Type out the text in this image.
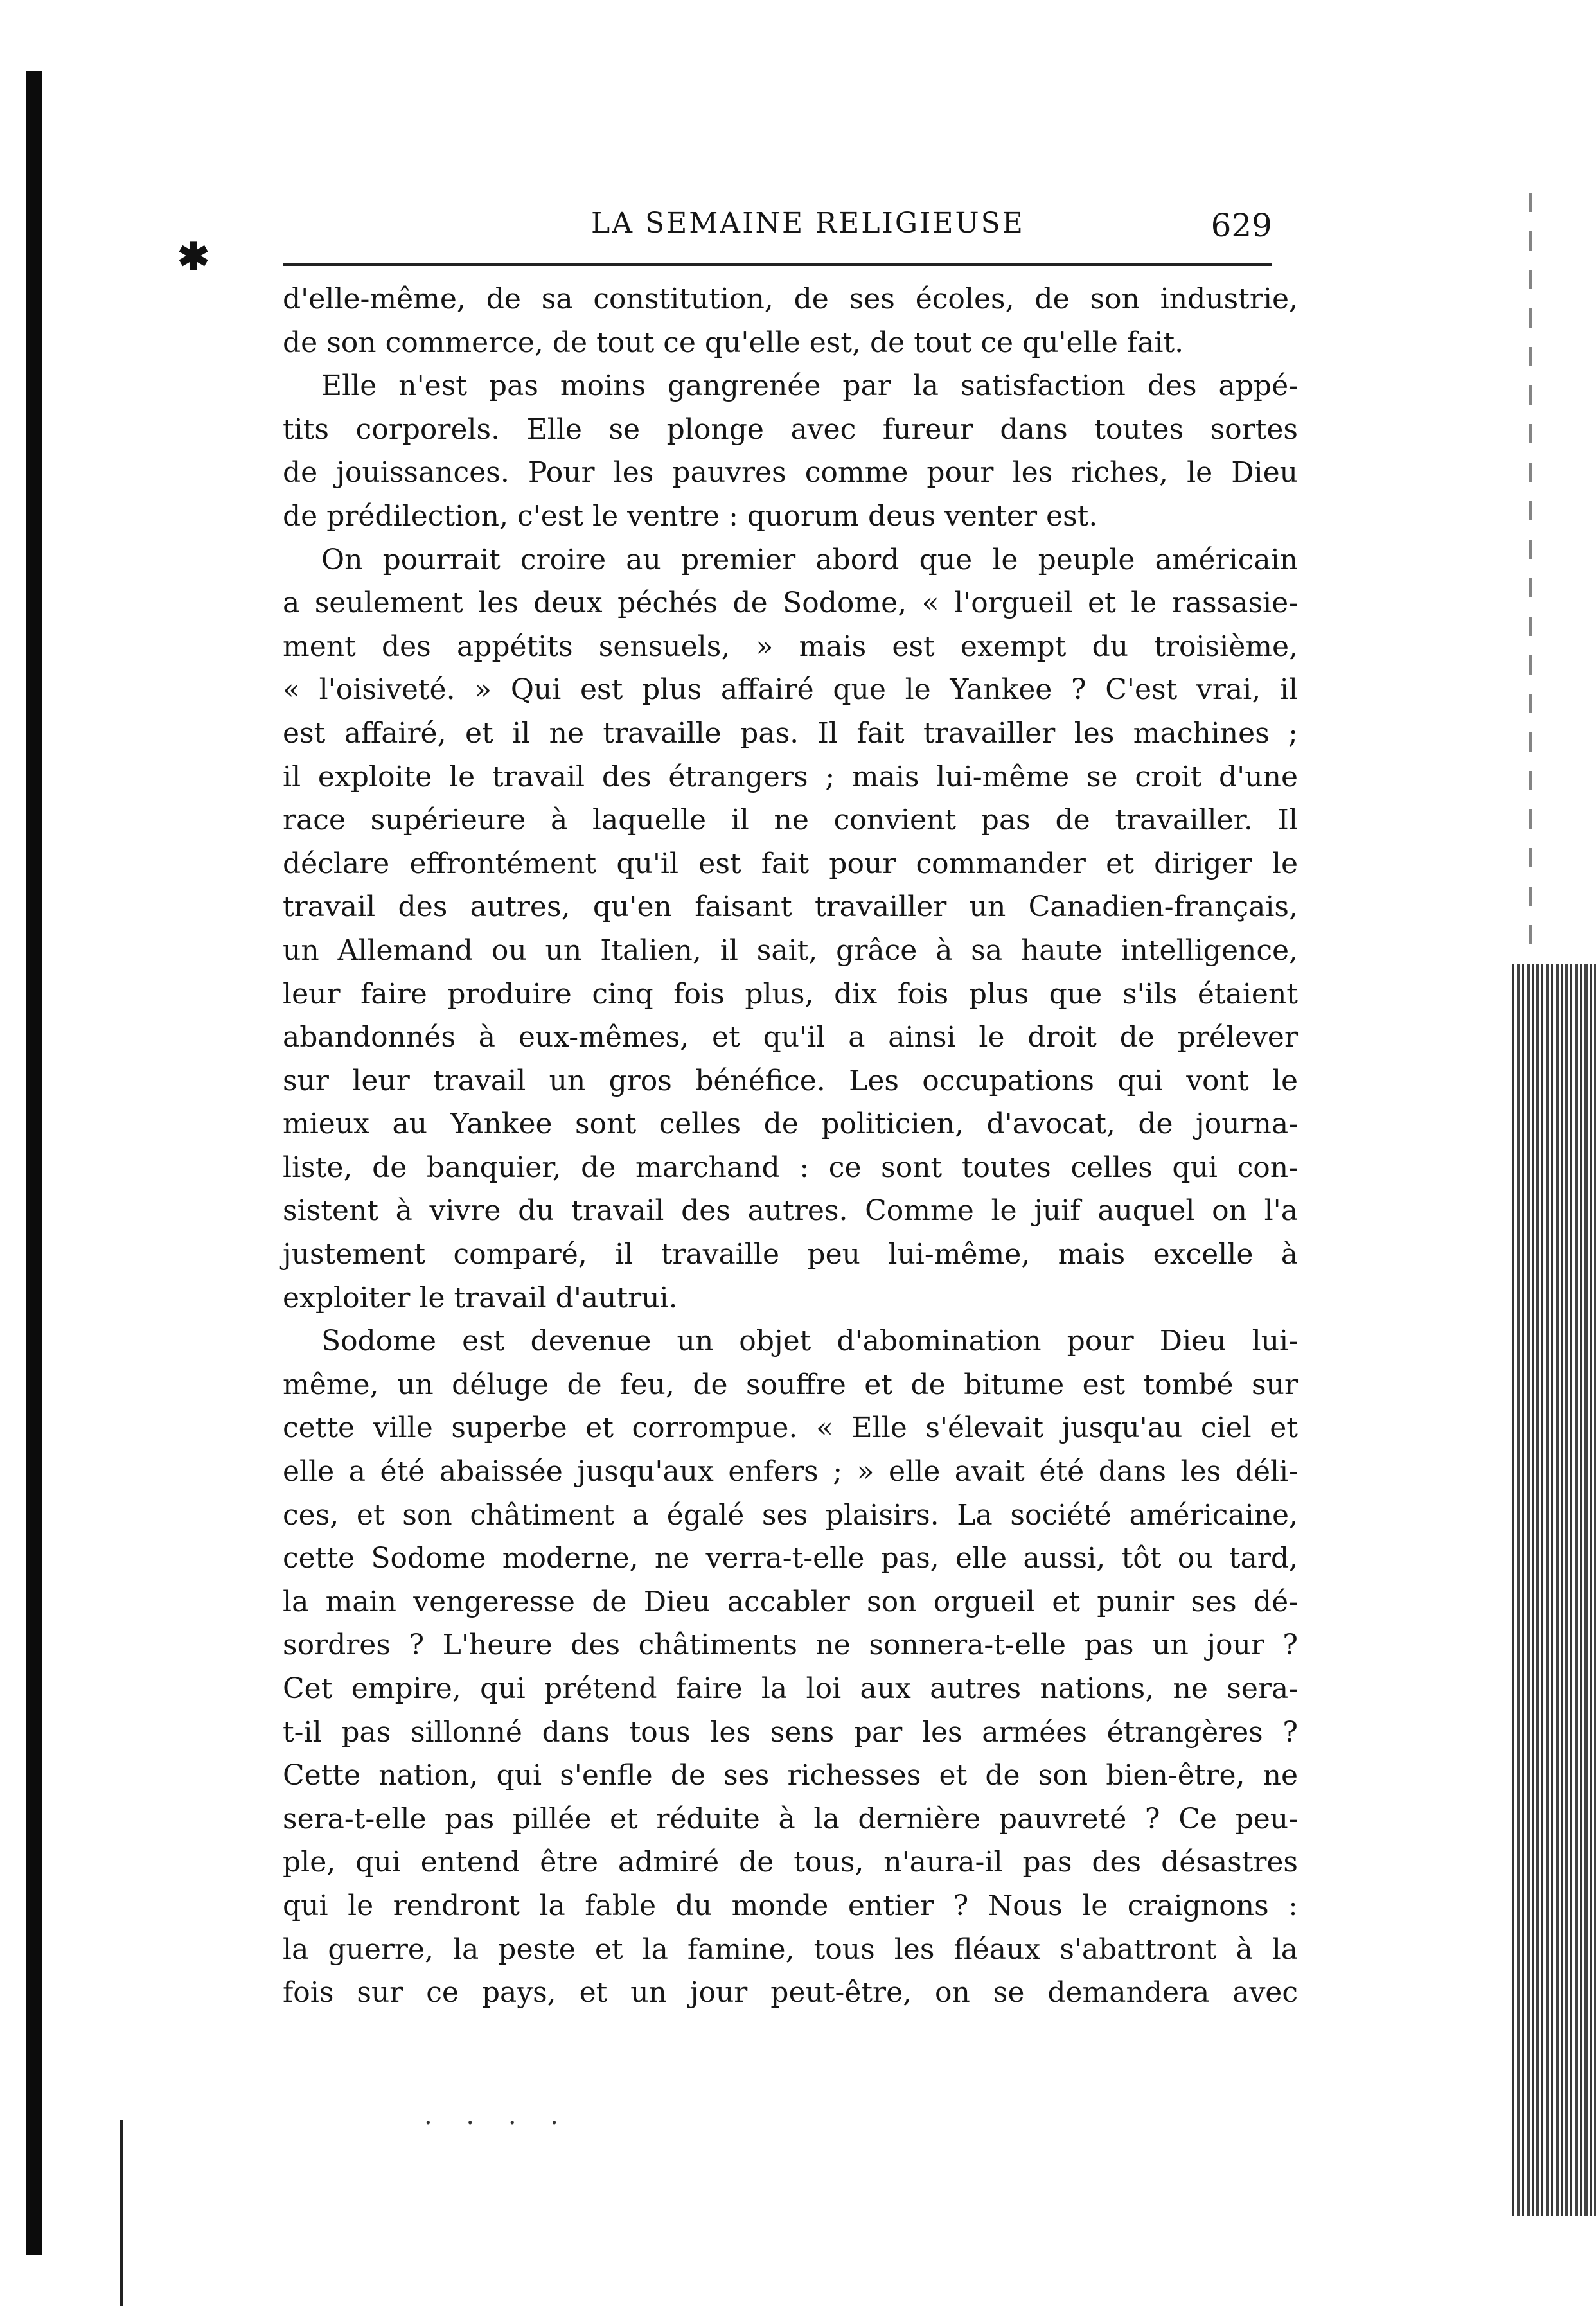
✱
LA SEMAINE RELIGIEUSE	629
d'elle-même, de sa constitution, de ses écoles, de son industrie,
de son commerce, de tout ce qu'elle est, de tout ce qu'elle fait.
Elle n'est pas moins gangrenée par la satisfaction des appé-
tits corporels. Elle se plonge avec fureur dans toutes sortes
de jouissances. Pour les pauvres comme pour les riches, le Dieu
de prédilection, c'est le ventre : quorum deus venter est.
On pourrait croire au premier abord que le peuple américain
a seulement les deux péchés de Sodome, « l'orgueil et le rassasie-
ment des appétits sensuels, » mais est exempt du troisième,
« l'oisiveté. » Qui est plus affairé que le Yankee ? C'est vrai, il
est affairé, et il ne travaille pas. Il fait travailler les machines ;
il exploite le travail des étrangers ; mais lui-même se croit d'une
race supérieure à laquelle il ne convient pas de travailler. Il
déclare effrontément qu'il est fait pour commander et diriger le
travail des autres, qu'en faisant travailler un Canadien-français,
un Allemand ou un Italien, il sait, grâce à sa haute intelligence,
leur faire produire cinq fois plus, dix fois plus que s'ils étaient
abandonnés à eux-mêmes, et qu'il a ainsi le droit de prélever
sur leur travail un gros bénéfice. Les occupations qui vont le
mieux au Yankee sont celles de politicien, d'avocat, de journa-
liste, de banquier, de marchand : ce sont toutes celles qui con-
sistent à vivre du travail des autres. Comme le juif auquel on l'a
justement comparé, il travaille peu lui-même, mais excelle à
exploiter le travail d'autrui.
Sodome est devenue un objet d'abomination pour Dieu lui-
même, un déluge de feu, de souffre et de bitume est tombé sur
cette ville superbe et corrompue. « Elle s'élevait jusqu'au ciel et
elle a été abaissée jusqu'aux enfers ; » elle avait été dans les déli-
ces, et son châtiment a égalé ses plaisirs. La société américaine,
cette Sodome moderne, ne verra-t-elle pas, elle aussi, tôt ou tard,
la main vengeresse de Dieu accabler son orgueil et punir ses dé-
sordres ? L'heure des châtiments ne sonnera-t-elle pas un jour ?
Cet empire, qui prétend faire la loi aux autres nations, ne sera-
t-il pas sillonné dans tous les sens par les armées étrangères ?
Cette nation, qui s'enfle de ses richesses et de son bien-être, ne
sera-t-elle pas pillée et réduite à la dernière pauvreté ? Ce peu-
ple, qui entend être admiré de tous, n'aura-il pas des désastres
qui le rendront la fable du monde entier ? Nous le craignons :
la guerre, la peste et la famine, tous les fléaux s'abattront à la
fois sur ce pays, et un jour peut-être, on se demandera avec
. . . .
